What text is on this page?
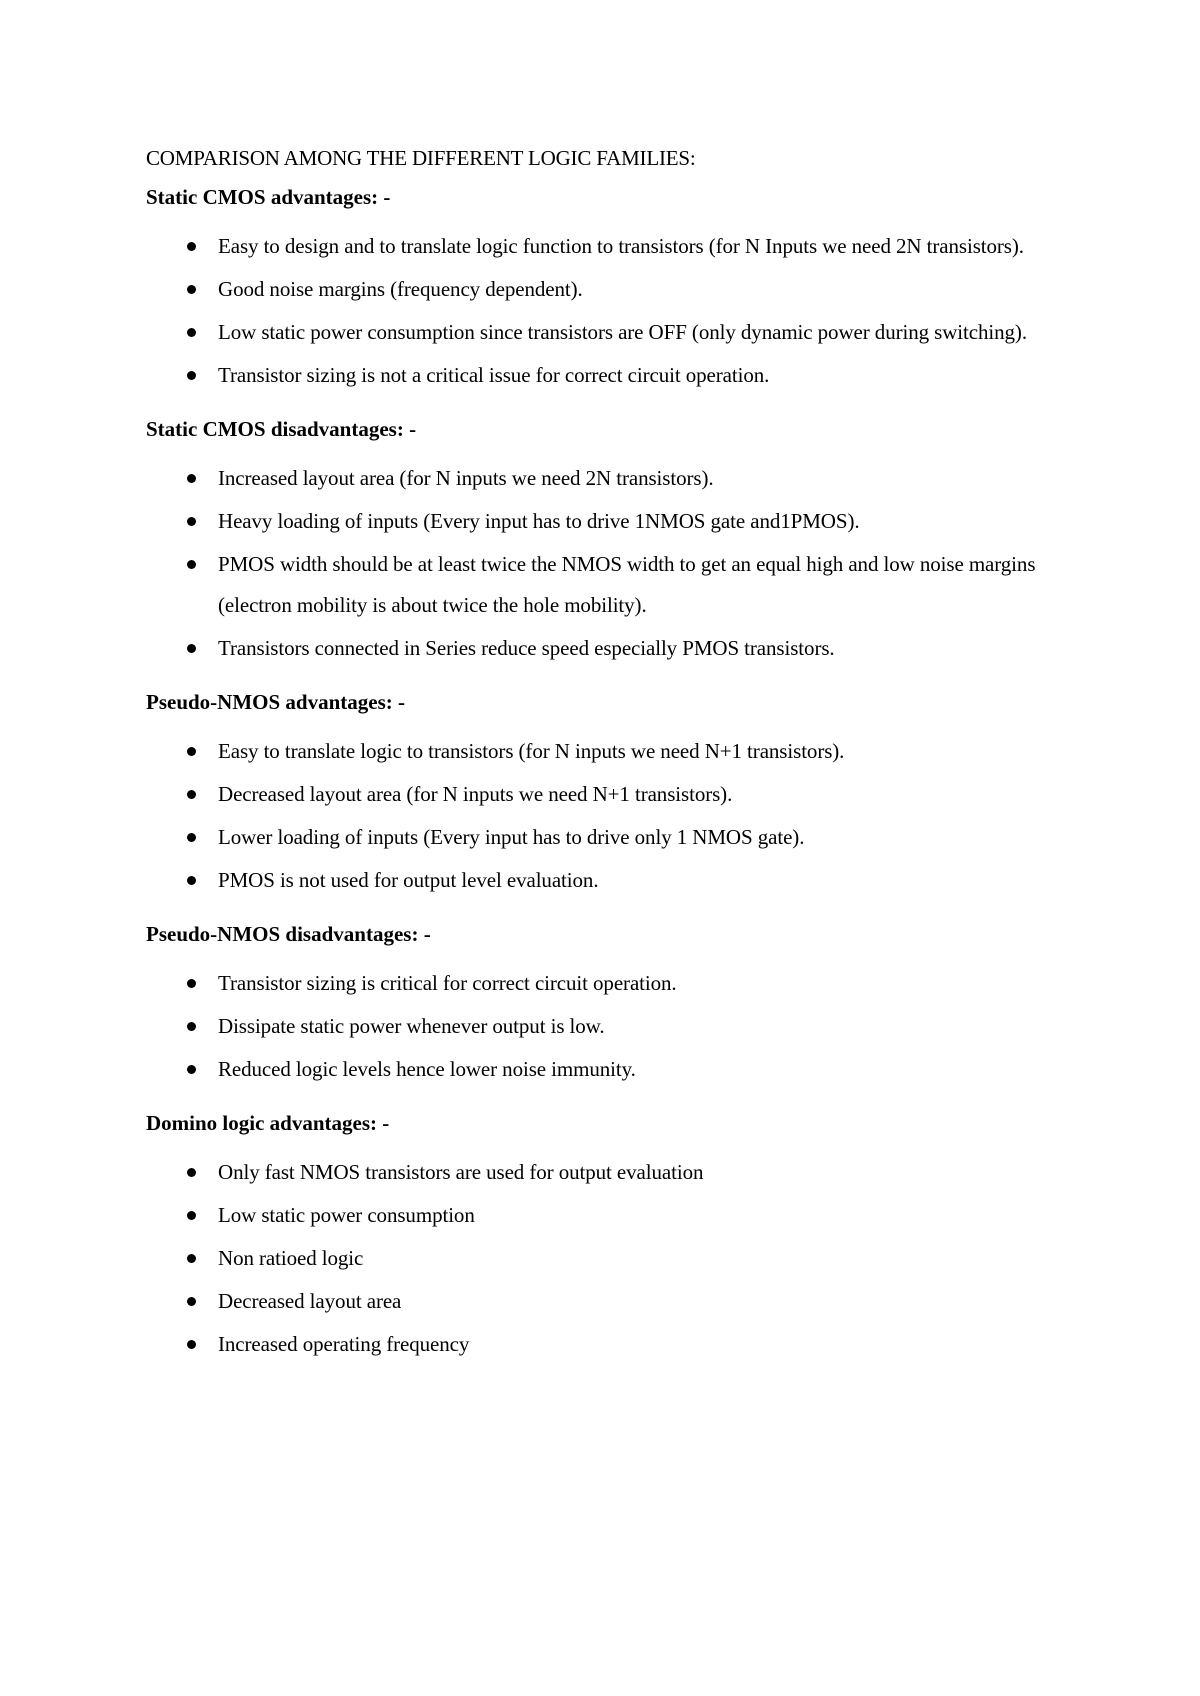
COMPARISON AMONG THE DIFFERENT LOGIC FAMILIES:
Static CMOS advantages: -
Easy to design and to translate logic function to transistors (for N Inputs we need 2N transistors).
Good noise margins (frequency dependent).
Low static power consumption since transistors are OFF (only dynamic power during switching).
Transistor sizing is not a critical issue for correct circuit operation.
Static CMOS disadvantages: -
Increased layout area (for N inputs we need 2N transistors).
Heavy loading of inputs (Every input has to drive 1NMOS gate and1PMOS).
PMOS width should be at least twice the NMOS width to get an equal high and low noise margins (electron mobility is about twice the hole mobility).
Transistors connected in Series reduce speed especially PMOS transistors.
Pseudo-NMOS advantages: -
Easy to translate logic to transistors (for N inputs we need N+1 transistors).
Decreased layout area (for N inputs we need N+1 transistors).
Lower loading of inputs (Every input has to drive only 1 NMOS gate).
PMOS is not used for output level evaluation.
Pseudo-NMOS disadvantages: -
Transistor sizing is critical for correct circuit operation.
Dissipate static power whenever output is low.
Reduced logic levels hence lower noise immunity.
Domino logic advantages: -
Only fast NMOS transistors are used for output evaluation
Low static power consumption
Non ratioed logic
Decreased layout area
Increased operating frequency
